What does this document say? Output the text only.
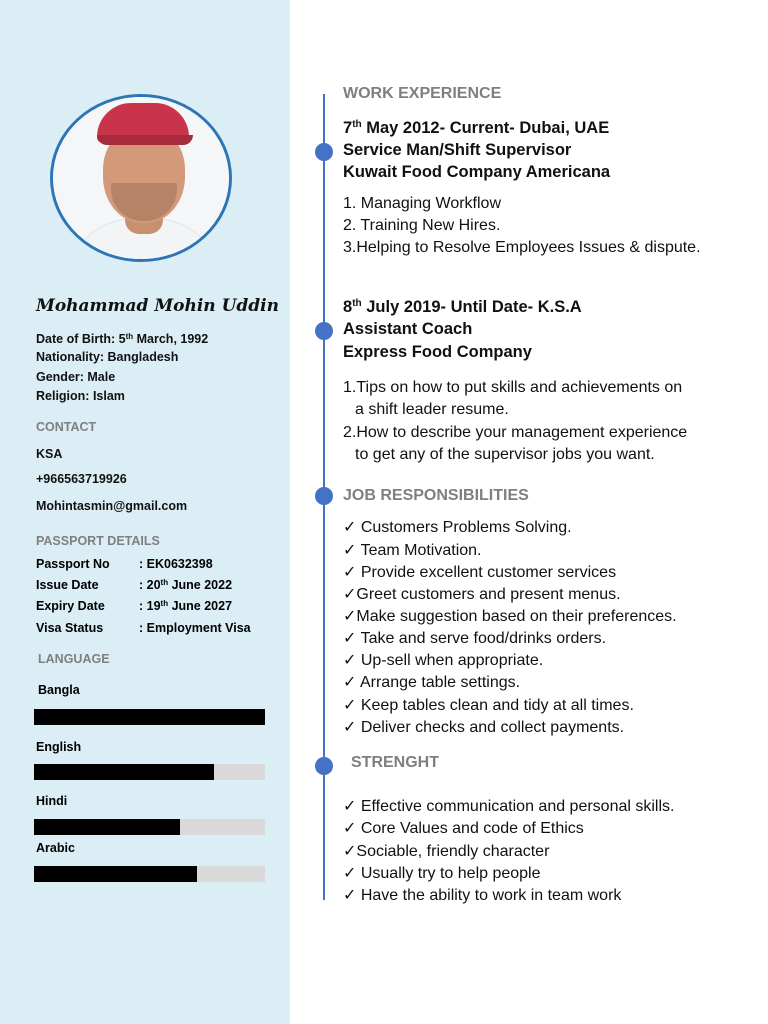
Mohammad Mohin Uddin
Date of Birth: 5th March, 1992
Nationality: Bangladesh
Gender: Male
Religion: Islam
CONTACT
KSA
+966563719926
Mohintasmin@gmail.com
PASSPORT DETAILS
Passport No : EK0632398
Issue Date	: 20th June 2022
Expiry Date	: 19th June 2027
Visa Status	: Employment Visa
LANGUAGE
Bangla
English
Hindi
Arabic
WORK EXPERIENCE
7th May 2012- Current- Dubai, UAE
Service Man/Shift Supervisor
Kuwait Food Company Americana
1. Managing Workflow
2. Training New Hires.
3.Helping to Resolve Employees Issues & dispute.
8th July 2019- Until Date- K.S.A
Assistant Coach
Express Food Company
1.Tips on how to put skills and achievements on
a shift leader resume.
2.How to describe your management experience
to get any of the supervisor jobs you want.
JOB RESPONSIBILITIES
✓ Customers Problems Solving.
✓ Team Motivation.
✓ Provide excellent customer services
✓Greet customers and present menus.
✓Make suggestion based on their preferences.
✓ Take and serve food/drinks orders.
✓ Up-sell when appropriate.
✓ Arrange table settings.
✓ Keep tables clean and tidy at all times.
✓ Deliver checks and collect payments.
STRENGHT
✓ Effective communication and personal skills.
✓ Core Values and code of Ethics
✓Sociable, friendly character
✓ Usually try to help people
✓ Have the ability to work in team work
